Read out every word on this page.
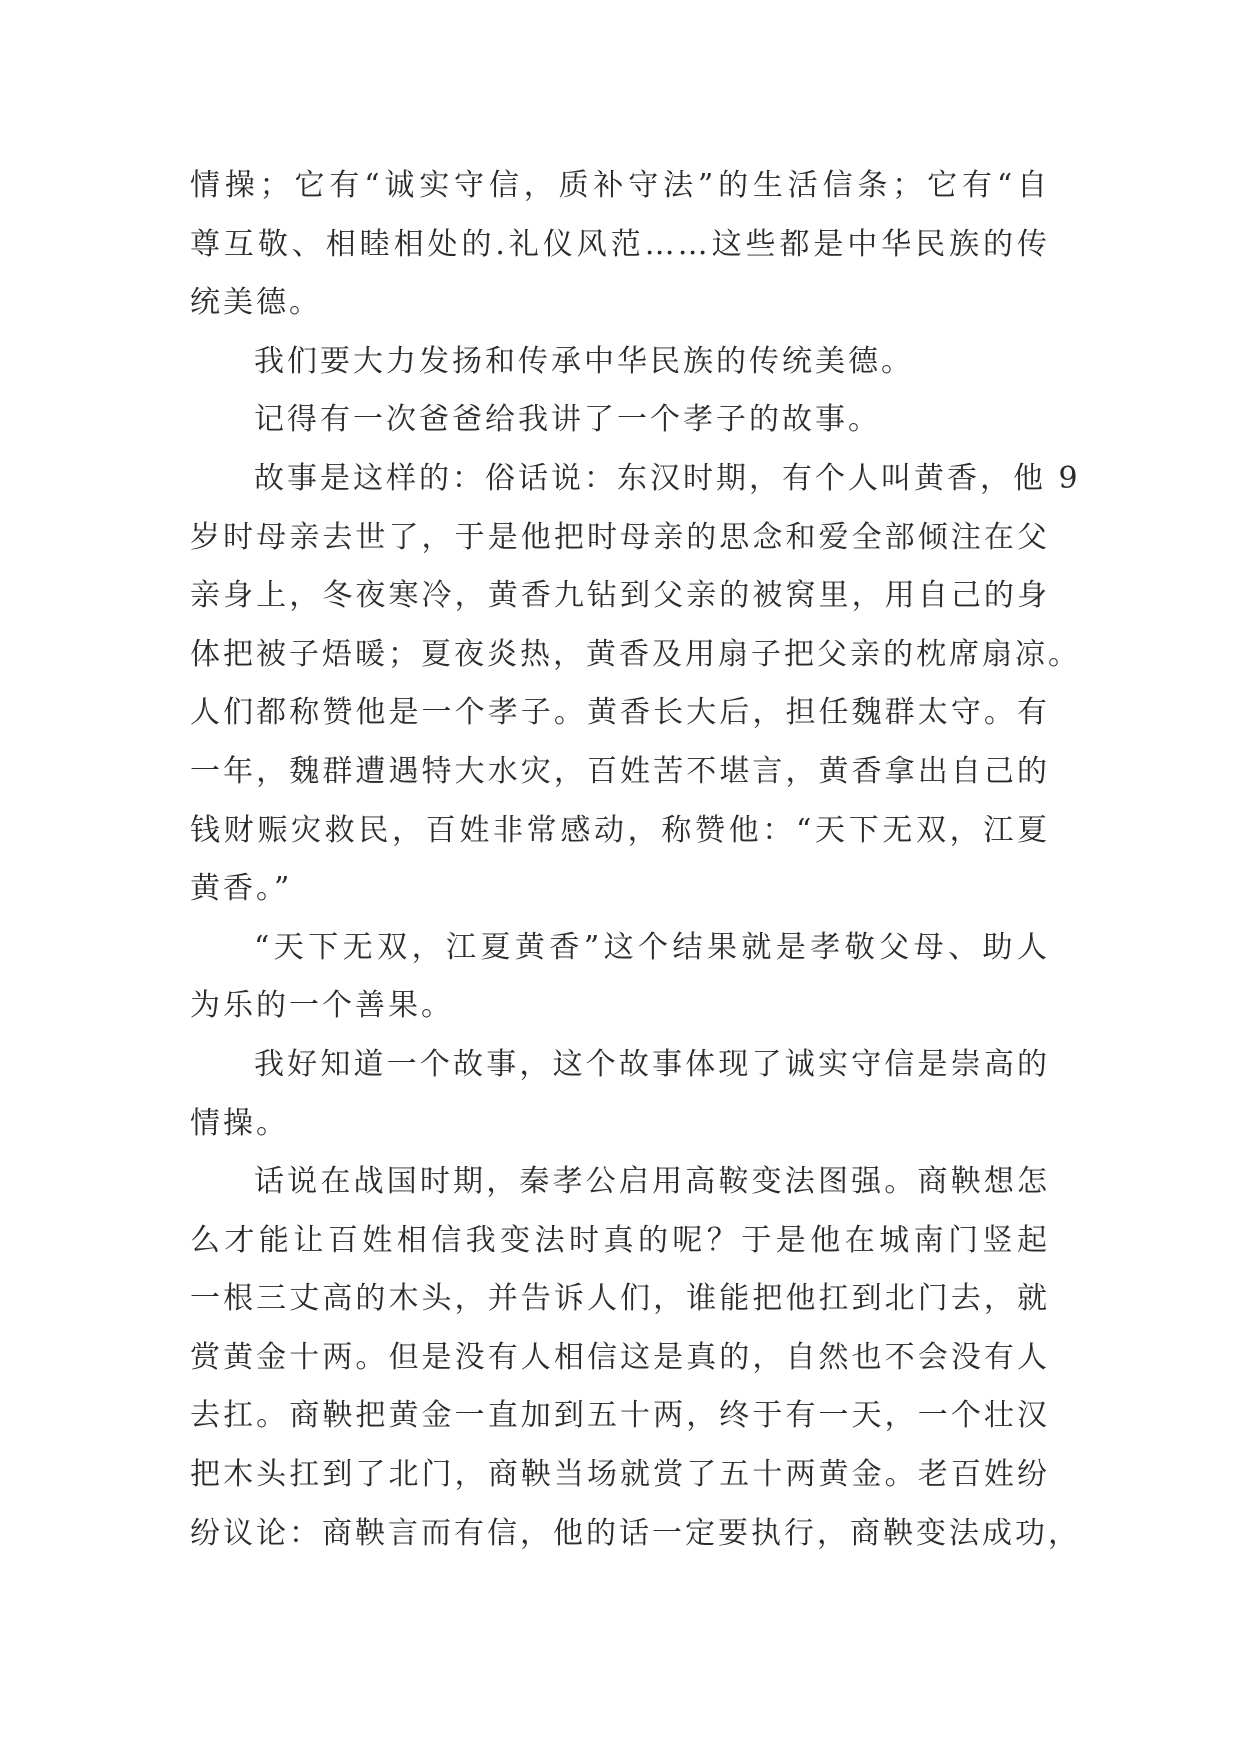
情操；它有“诚实守信，质补守法”的生活信条；它有“自
尊互敬、相睦相处的.礼仪风范……这些都是中华民族的传
统美德。
我们要大力发扬和传承中华民族的传统美德。
记得有一次爸爸给我讲了一个孝子的故事。
故事是这样的：俗话说：东汉时期，有个人叫黄香，他 9
岁时母亲去世了，于是他把时母亲的思念和爱全部倾注在父
亲身上，冬夜寒冷，黄香九钻到父亲的被窝里，用自己的身
体把被子焐暖；夏夜炎热，黄香及用扇子把父亲的枕席扇凉。
人们都称赞他是一个孝子。黄香长大后，担任魏群太守。有
一年，魏群遭遇特大水灾，百姓苦不堪言，黄香拿出自己的
钱财赈灾救民，百姓非常感动，称赞他：“天下无双，江夏
黄香。”
“天下无双，江夏黄香”这个结果就是孝敬父母、助人
为乐的一个善果。
我好知道一个故事，这个故事体现了诚实守信是崇高的
情操。
话说在战国时期，秦孝公启用高鞍变法图强。商鞅想怎
么才能让百姓相信我变法时真的呢？于是他在城南门竖起
一根三丈高的木头，并告诉人们，谁能把他扛到北门去，就
赏黄金十两。但是没有人相信这是真的，自然也不会没有人
去扛。商鞅把黄金一直加到五十两，终于有一天，一个壮汉
把木头扛到了北门，商鞅当场就赏了五十两黄金。老百姓纷
纷议论：商鞅言而有信，他的话一定要执行，商鞅变法成功，
